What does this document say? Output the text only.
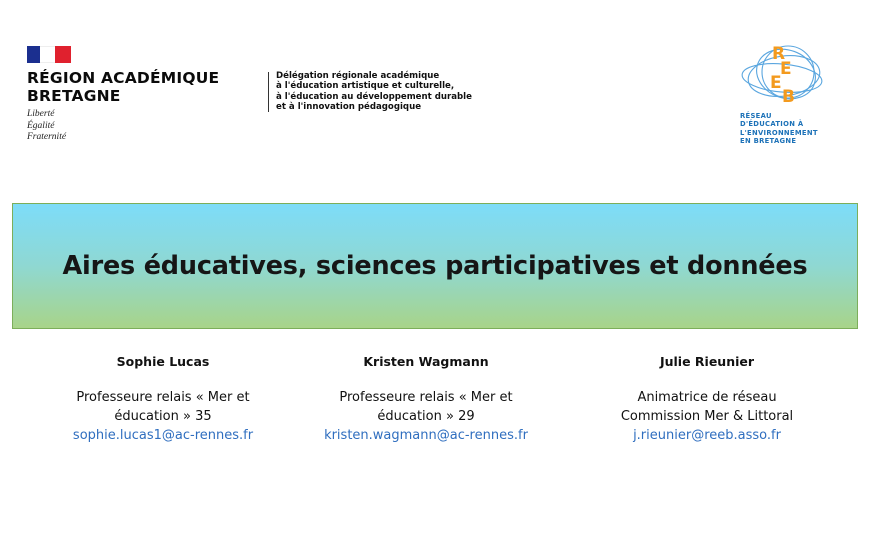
RÉGION ACADÉMIQUE
BRETAGNE
Liberté
Égalité
Fraternité
Délégation régionale académique
à l'éducation artistique et culturelle,
à l'éducation au développement durable
et à l'innovation pédagogique
R
E
E
B
RÉSEAU
D'ÉDUCATION À
L'ENVIRONNEMENT
EN BRETAGNE
Aires éducatives, sciences participatives et données
Sophie Lucas
Professeure relais « Mer et
éducation » 35
sophie.lucas1@ac-rennes.fr
Kristen Wagmann
Professeure relais « Mer et
éducation » 29
kristen.wagmann@ac-rennes.fr
Julie Rieunier
Animatrice de réseau
Commission Mer & Littoral
j.rieunier@reeb.asso.fr
